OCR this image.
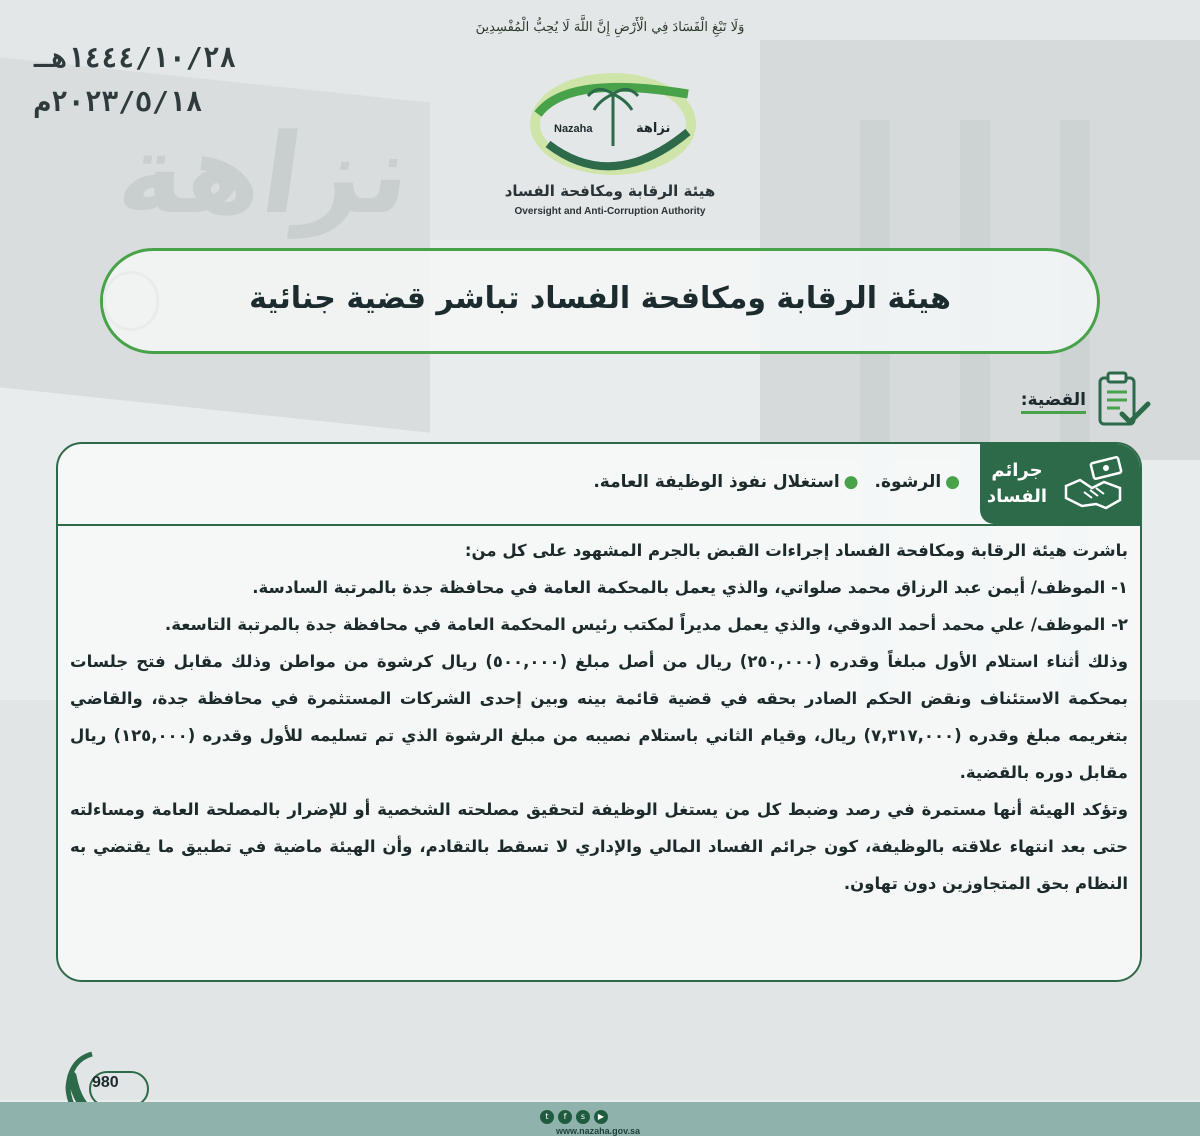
نزاهة
١٤٤٤/١٠/٢٨هـ
٢٠٢٣/٥/١٨م
وَلَا تَبْغِ الْفَسَادَ فِي الْأَرْضِ إِنَّ اللَّهَ لَا يُحِبُّ الْمُفْسِدِينَ
Nazaha	نزاهة
هيئة الرقابة ومكافحة الفساد
Oversight and Anti-Corruption Authority
هيئة الرقابة ومكافحة الفساد تباشر قضية جنائية
القضية:
جرائم الفساد
●الرشوة.●استغلال نفوذ الوظيفة العامة.

باشرت هيئة الرقابة ومكافحة الفساد إجراءات القبض بالجرم المشهود على كل من:

١- الموظف/ أيمن عبد الرزاق محمد صلواتي، والذي يعمل بالمحكمة العامة في محافظة جدة بالمرتبة السادسة.

٢- الموظف/ علي محمد أحمد الدوقي، والذي يعمل مديراً لمكتب رئيس المحكمة العامة في محافظة جدة بالمرتبة التاسعة.

وذلك أثناء استلام الأول مبلغاً وقدره (٢٥٠,٠٠٠) ريال من أصل مبلغ (٥٠٠,٠٠٠) ريال كرشوة من مواطن وذلك مقابل فتح جلسات بمحكمة الاستئناف ونقض الحكم الصادر بحقه في قضية قائمة بينه وبين إحدى الشركات المستثمرة في محافظة جدة، والقاضي بتغريمه مبلغ وقدره (٧,٣١٧,٠٠٠) ريال، وقيام الثاني باستلام نصيبه من مبلغ الرشوة الذي تم تسليمه للأول وقدره (١٢٥,٠٠٠) ريال مقابل دوره بالقضية.

وتؤكد الهيئة أنها مستمرة في رصد وضبط كل من يستغل الوظيفة لتحقيق مصلحته الشخصية أو للإضرار بالمصلحة العامة ومساءلته حتى بعد انتهاء علاقته بالوظيفة، كون جرائم الفساد المالي والإداري لا تسقط بالتقادم، وأن الهيئة ماضية في تطبيق ما يقتضي به النظام بحق المتجاوزين دون تهاون.

980
t	f	s	▶
www.nazaha.gov.sa
